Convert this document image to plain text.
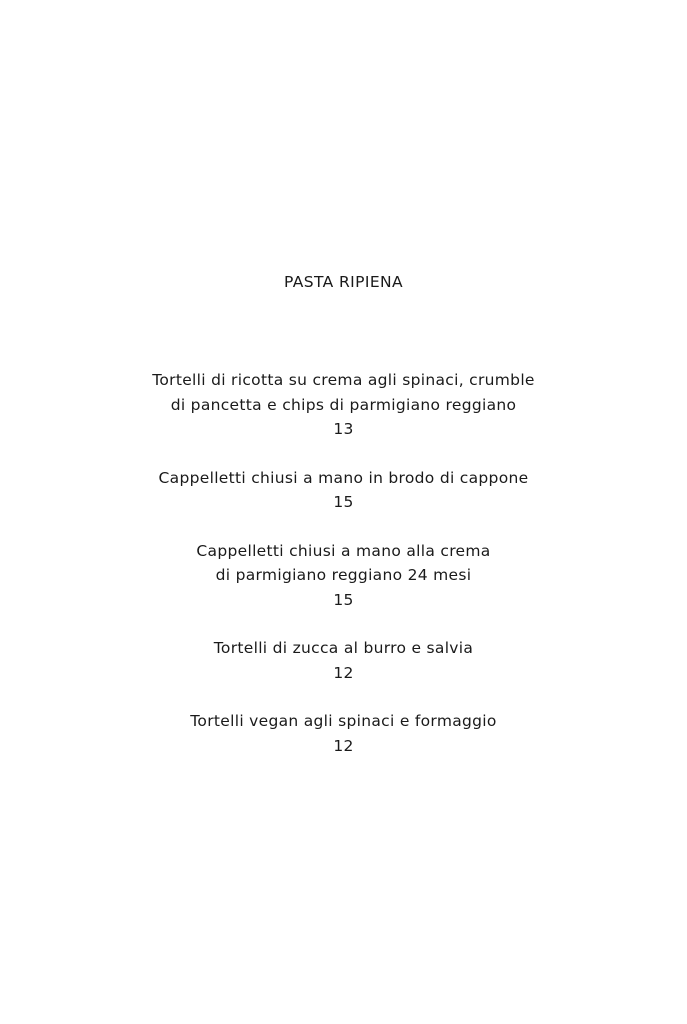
PASTA RIPIENA
Tortelli di ricotta su crema agli spinaci, crumble
di pancetta e chips di parmigiano reggiano
13
Cappelletti chiusi a mano in brodo di cappone
15
Cappelletti chiusi a mano alla crema
di parmigiano reggiano 24 mesi
15
Tortelli di zucca al burro e salvia
12
Tortelli vegan agli spinaci e formaggio
12
